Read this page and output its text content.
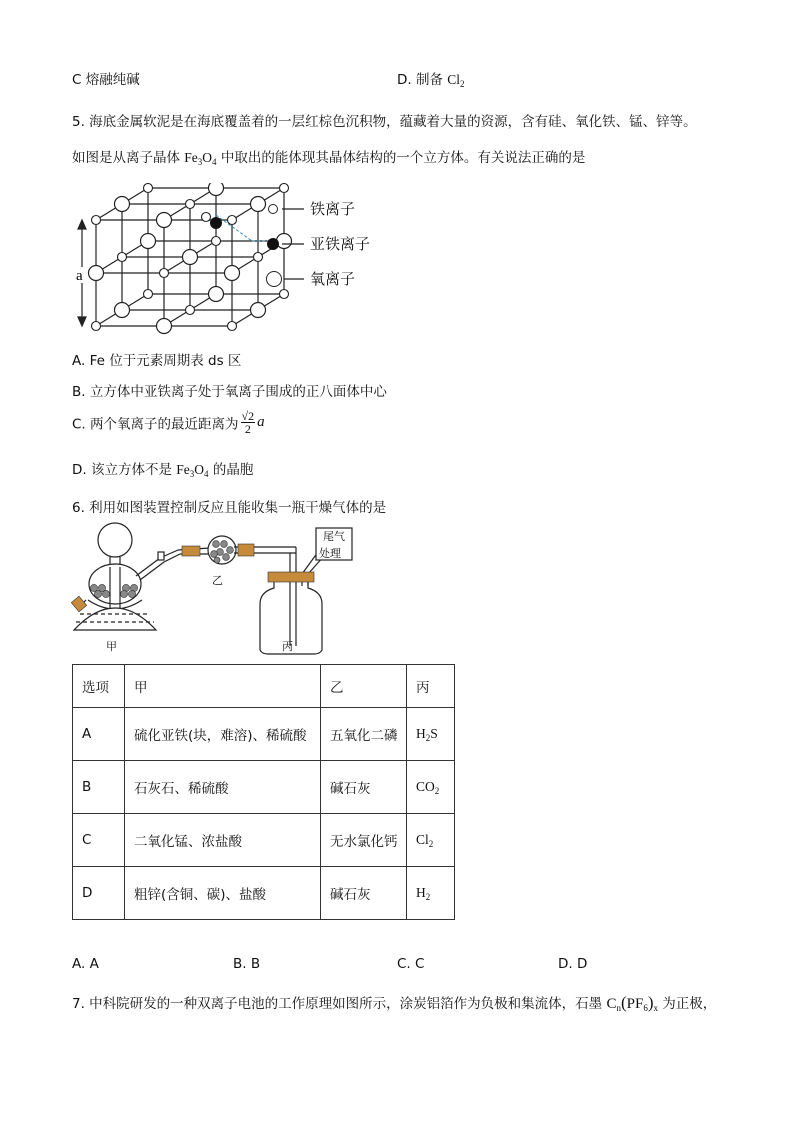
C 熔融纯碱	D. 制备 $Cl_2$
5. 海底金属软泥是在海底覆盖着的一层红棕色沉积物，蕴藏着大量的资源，含有硅、氧化铁、锰、锌等。
如图是从离子晶体 $Fe_3O_4$ 中取出的能体现其晶体结构的一个立方体。有关说法正确的是
a
铁离子
亚铁离子
氧离子
A. Fe 位于元素周期表 ds 区
B. 立方体中亚铁离子处于氧离子围成的正八面体中心
C. 两个氧离子的最近距离为 $\frac{√2}{2}$ a
D. 该立方体不是 $Fe_3O_4$ 的晶胞
6. 利用如图装置控制反应且能收集一瓶干燥气体的是
尾气
处理
乙
甲	丙
选项	甲	乙	丙
A	硫化亚铁(块，难溶)、稀硫酸	五氧化二磷	$H_2S$
B	石灰石、稀硫酸	碱石灰	$CO_2$
C	二氧化锰、浓盐酸	无水氯化钙	$Cl_2$
D	粗锌(含铜、碳)、盐酸	碱石灰	$H_2$
A. A	B. B	C. C	D. D
7. 中科院研发的一种双离子电池的工作原理如图所示，涂炭铝箔作为负极和集流体，石墨 $C_n(PF_6)_x$ 为正极，
